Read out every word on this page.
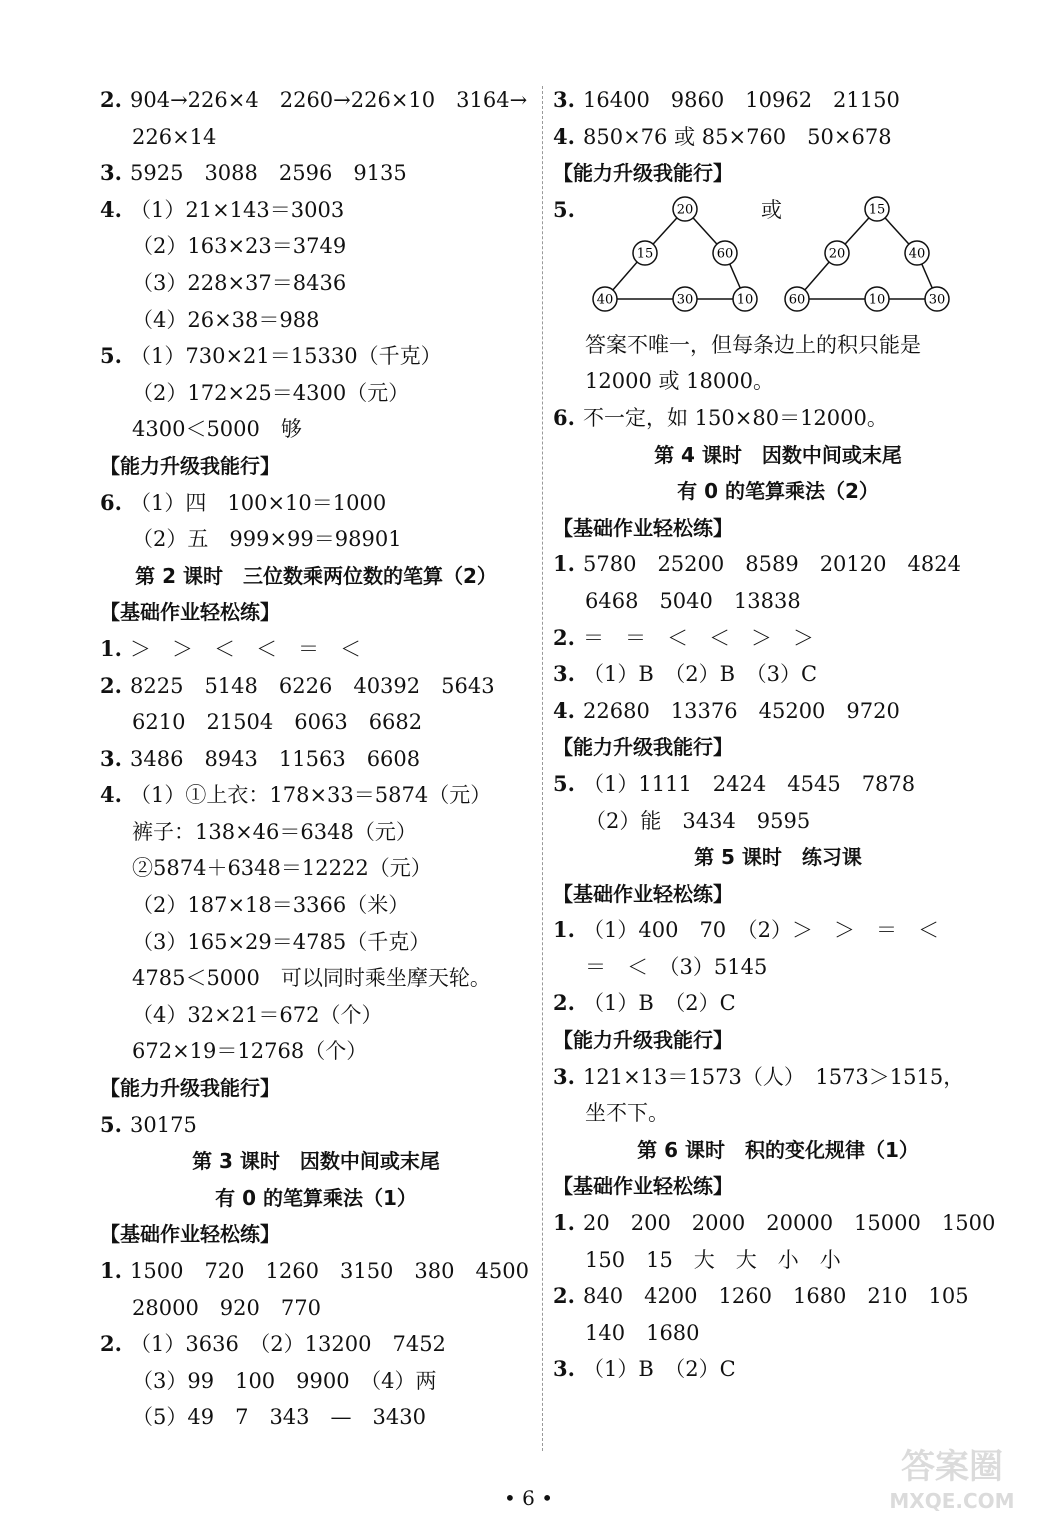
2. 904→226×4　2260→226×10　3164→
226×14
3. 5925　3088　2596　9135
4. （1）21×143＝3003
（2）163×23＝3749
（3）228×37＝8436
（4）26×38＝988
5. （1）730×21＝15330（千克）
（2）172×25＝4300（元）
4300＜5000　够
【能力升级我能行】
6. （1）四　100×10＝1000
（2）五　999×99＝98901
第 2 课时　三位数乘两位数的笔算（2）
【基础作业轻松练】
1. ＞　＞　＜　＜　＝　＜
2. 8225　5148　6226　40392　5643
6210　21504　6063　6682
3. 3486　8943　11563　6608
4. （1）①上衣：178×33＝5874（元）
裤子：138×46＝6348（元）
②5874＋6348＝12222（元）
（2）187×18＝3366（米）
（3）165×29＝4785（千克）
4785＜5000　可以同时乘坐摩天轮。
（4）32×21＝672（个）
672×19＝12768（个）
【能力升级我能行】
5. 30175
第 3 课时　因数中间或末尾
有 0 的笔算乘法（1）
【基础作业轻松练】
1. 1500　720　1260　3150　380　4500
28000　920　770
2. （1）3636　（2）13200　7452
（3）99　100　9900　（4）两
（5）49　7　343　—　3430
3. 16400　9860　10962　21150
4. 850×76 或 85×760　50×678
【能力升级我能行】
5.	或
20
15	60
40	30	10
15
20	40
60	10	30
答案不唯一，但每条边上的积只能是
12000 或 18000。
6. 不一定，如 150×80＝12000。
第 4 课时　因数中间或末尾
有 0 的笔算乘法（2）
【基础作业轻松练】
1. 5780　25200　8589　20120　4824
6468　5040　13838
2. ＝　＝　＜　＜　＞　＞
3. （1）B　（2）B　（3）C
4. 22680　13376　45200　9720
【能力升级我能行】
5. （1）1111　2424　4545　7878
（2）能　3434　9595
第 5 课时　练习课
【基础作业轻松练】
1. （1）400　70　（2）＞　＞　＝　＜
＝　＜　（3）5145
2. （1）B　（2）C
【能力升级我能行】
3. 121×13＝1573（人）　1573＞1515，
坐不下。
第 6 课时　积的变化规律（1）
【基础作业轻松练】
1. 20　200　2000　20000　15000　1500
150　15　大　大　小　小
2. 840　4200　1260　1680　210　105
140　1680
3. （1）B　（2）C
• 6 •
答案圈
MXQE.COM
